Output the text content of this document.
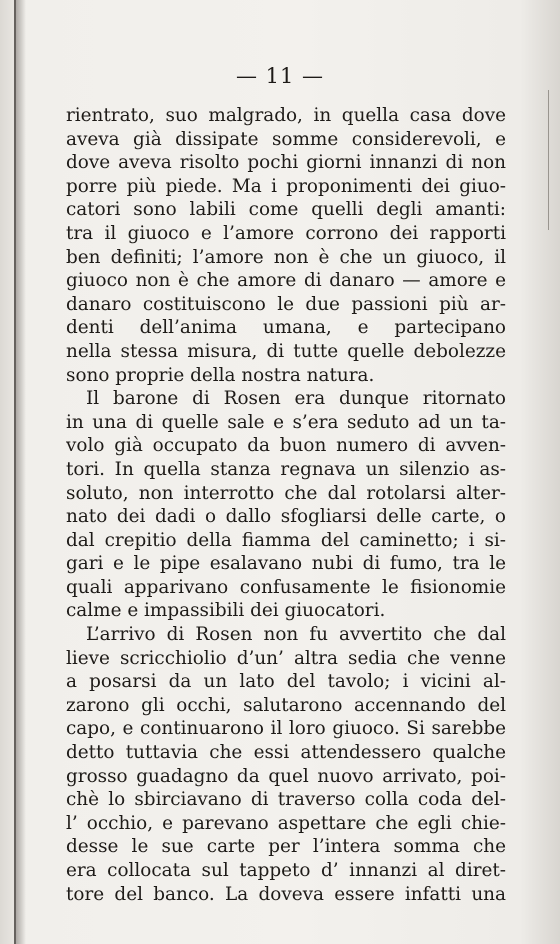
— 11 —
rientrato, suo malgrado, in quella casa dove
aveva già dissipate somme considerevoli, e
dove aveva risolto pochi giorni innanzi di non
porre più piede. Ma i proponimenti dei giuo-
catori sono labili come quelli degli amanti:
tra il giuoco e l’amore corrono dei rapporti
ben definiti; l’amore non è che un giuoco, il
giuoco non è che amore di danaro — amore e
danaro costituiscono le due passioni più ar-
denti dell’anima umana, e partecipano
nella stessa misura, di tutte quelle debolezze
sono proprie della nostra natura.
Il barone di Rosen era dunque ritornato
in una di quelle sale e s’era seduto ad un ta-
volo già occupato da buon numero di avven-
tori. In quella stanza regnava un silenzio as-
soluto, non interrotto che dal rotolarsi alter-
nato dei dadi o dallo sfogliarsi delle carte, o
dal crepitio della fiamma del caminetto; i si-
gari e le pipe esalavano nubi di fumo, tra le
quali apparivano confusamente le fisionomie
calme e impassibili dei giuocatori.
L’arrivo di Rosen non fu avvertito che dal
lieve scricchiolio d’un’ altra sedia che venne
a posarsi da un lato del tavolo; i vicini al-
zarono gli occhi, salutarono accennando del
capo, e continuarono il loro giuoco. Si sarebbe
detto tuttavia che essi attendessero qualche
grosso guadagno da quel nuovo arrivato, poi-
chè lo sbirciavano di traverso colla coda del-
l’ occhio, e parevano aspettare che egli chie-
desse le sue carte per l’intera somma che
era collocata sul tappeto d’ innanzi al diret-
tore del banco. La doveva essere infatti una
